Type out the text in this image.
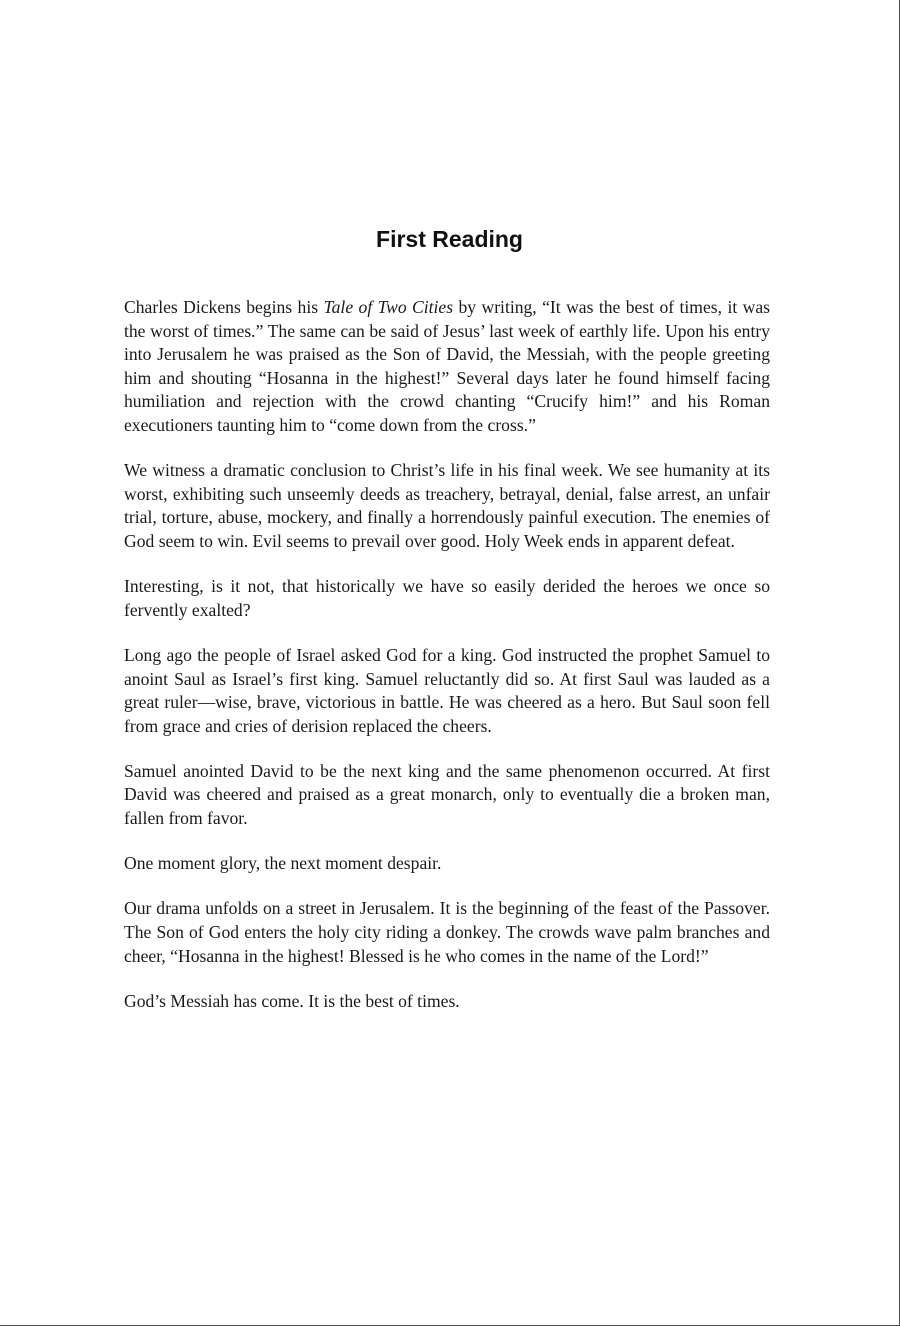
First Reading

Charles Dickens begins his Tale of Two Cities by writing, “It was the best of times, it was the worst of times.” The same can be said of Jesus’ last week of earthly life. Upon his entry into Jerusalem he was praised as the Son of David, the Messiah, with the people greeting him and shouting “Hosanna in the highest!” Several days later he found himself facing humiliation and rejection with the crowd chanting “Crucify him!” and his Roman executioners taunting him to “come down from the cross.”

We witness a dramatic conclusion to Christ’s life in his final week. We see humanity at its worst, exhibiting such unseemly deeds as treachery, betrayal, denial, false arrest, an unfair trial, torture, abuse, mockery, and finally a horrendously painful execution. The enemies of God seem to win. Evil seems to prevail over good. Holy Week ends in apparent defeat.

Interesting, is it not, that historically we have so easily derided the heroes we once so fervently exalted?

Long ago the people of Israel asked God for a king. God instructed the prophet Samuel to anoint Saul as Israel’s first king. Samuel reluctantly did so. At first Saul was lauded as a great ruler—wise, brave, victorious in battle. He was cheered as a hero. But Saul soon fell from grace and cries of derision replaced the cheers.

Samuel anointed David to be the next king and the same phenomenon occurred. At first David was cheered and praised as a great monarch, only to eventually die a broken man, fallen from favor.

One moment glory, the next moment despair.

Our drama unfolds on a street in Jerusalem. It is the beginning of the feast of the Passover. The Son of God enters the holy city riding a donkey. The crowds wave palm branches and cheer, “Hosanna in the highest! Blessed is he who comes in the name of the Lord!”

God’s Messiah has come. It is the best of times.
